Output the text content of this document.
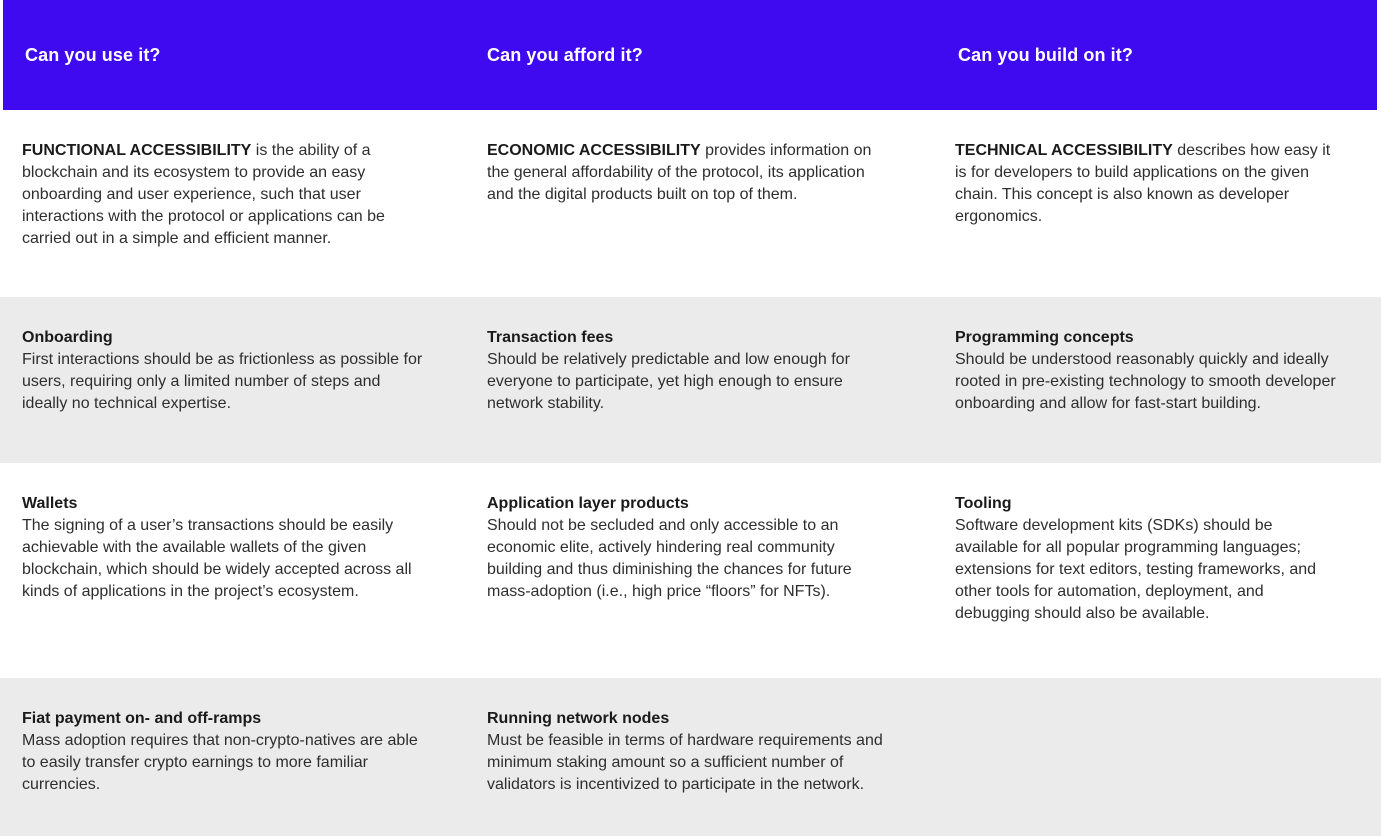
Can you use it?	Can you afford it?	Can you build on it?
FUNCTIONAL ACCESSIBILITY is the ability of a blockchain and its ecosystem to provide an easy onboarding and user experience, such that user interactions with the protocol or applications can be carried out in a simple and efficient manner.
ECONOMIC ACCESSIBILITY provides information on the general affordability of the protocol, its application and the digital products built on top of them.
TECHNICAL ACCESSIBILITY describes how easy it is for developers to build applications on the given chain. This concept is also known as developer ergonomics.
Onboarding
First interactions should be as frictionless as possible for users, requiring only a limited number of steps and ideally no technical expertise.
Transaction fees
Should be relatively predictable and low enough for everyone to participate, yet high enough to ensure network stability.
Programming concepts
Should be understood reasonably quickly and ideally rooted in pre-existing technology to smooth developer onboarding and allow for fast-start building.
Wallets
The signing of a user’s transactions should be easily achievable with the available wallets of the given blockchain, which should be widely accepted across all kinds of applications in the project’s ecosystem.
Application layer products
Should not be secluded and only accessible to an economic elite, actively hindering real community building and thus diminishing the chances for future mass-adoption (i.e., high price “floors” for NFTs).
Tooling
Software development kits (SDKs) should be available for all popular programming languages; extensions for text editors, testing frameworks, and other tools for automation, deployment, and debugging should also be available.
Fiat payment on- and off-ramps
Mass adoption requires that non-crypto-natives are able to easily transfer crypto earnings to more familiar currencies.
Running network nodes
Must be feasible in terms of hardware requirements and minimum staking amount so a sufficient number of validators is incentivized to participate in the network.
